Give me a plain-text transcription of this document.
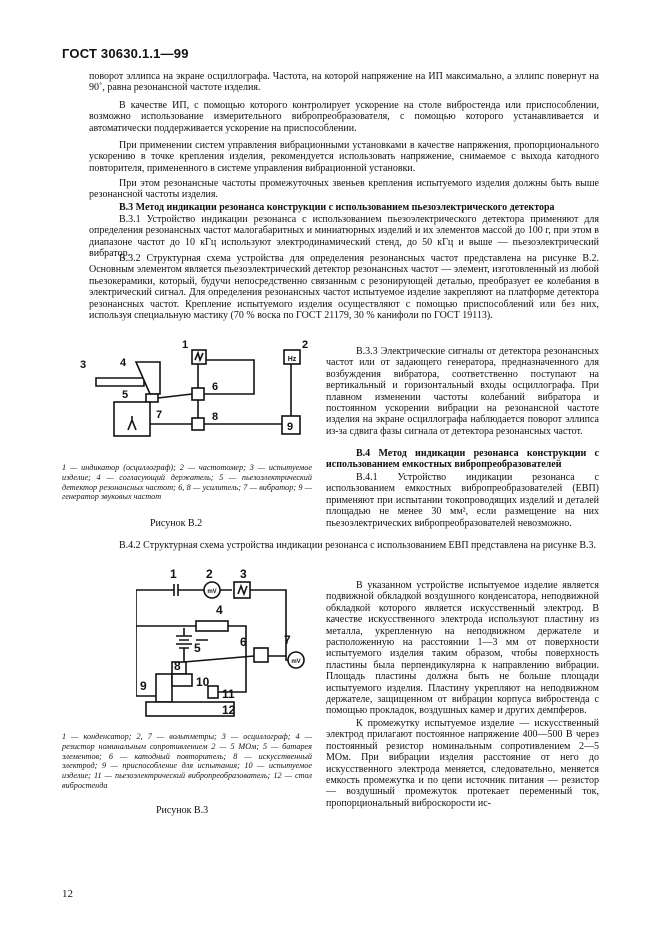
ГОСТ 30630.1.1—99

поворот эллипса на экране осциллографа. Частота, на которой напряжение на ИП максимально, а эллипс повернут на 90˚, равна резонансной частоте изделия.

В качестве ИП, с помощью которого контролирует ускорение на столе вибростенда или приспособлении, возможно использование измерительного вибропреобразователя, с помощью которого устанавливается и автоматически поддерживается ускорение на приспособлении.

При применении систем управления вибрационными установками в качестве напряжения, пропорционального ускорению в точке крепления изделия, рекомендуется использовать напряжение, снимаемое с выхода катодного повторителя, примененного в системе управления вибрационной установки.

При этом резонансные частоты промежуточных звеньев крепления испытуемого изделия должны быть выше резонансной частоты изделия.

В.3 Метод индикации резонанса конструкции с использованием пьезоэлектрического детектора

В.3.1 Устройство индикации резонанса с использованием пьезоэлектрического детектора применяют для определения резонансных частот малогабаритных и миниатюрных изделий и их элементов массой до 100 г, при этом в диапазоне частот до 10 кГц используют электродинамический стенд, до 50 кГц и выше — пьезоэлектрический вибратор.

В.3.2 Структурная схема устройства для определения резонансных частот представлена на рисунке В.2. Основным элементом является пьезоэлектрический детектор резонансных частот — элемент, изготовленный из любой пьезокерамики, который, будучи непосредственно связанным с резонирующей деталью, преобразует ее колебания в электрический сигнал. Для определения резонансных частот испытуемое изделие закрепляют на платформе детектора резонансных частот. Крепление испытуемого изделия осуществляют с помощью приспособлений или без них, используя специальную мастику (70 % воска по ГОСТ 21179, 30 % канифоли по ГОСТ 19113).

Hz
3	4
5
1	2
6
7	8
9

1 — индикатор (осциллограф); 2 — частотомер; 3 — испытуемое изделие; 4 — согласующий держатель; 5 — пьезоэлектрический детектор резонансных частот; 6, 8 — усилитель; 7 — вибратор; 9 — генератор звуковых частот

Рисунок В.2

В.3.3 Электрические сигналы от детектора резонансных частот или от задающего генератора, предназначенного для возбуждения вибратора, соответственно поступают на вертикальный и горизонтальный входы осциллографа. При плавном изменении частоты колебаний вибратора и постоянном ускорении вибрации на резонансной частоте изделия на экране осциллографа наблюдается поворот эллипса из-за сдвига фазы сигнала от детектора резонансных частот.

В.4 Метод индикации резонанса конструкции с использованием емкостных вибропреобразователей

В.4.1 Устройство индикации резонанса с использованием емкостных вибропреобразователей (ЕВП) применяют при испытании токопроводящих изделий и деталей площадью не менее 30 мм², если размещение на них пьезоэлектрических вибропреобразователей невозможно.

В.4.2 Структурная схема устройства индикации резонанса с использованием ЕВП представлена на рисунке В.3.

mV
mV
1 2 3
4
5	6	7
8
9	10
11
12

1 — конденсатор; 2, 7 — вольтметры; 3 — осциллограф; 4 — резистор номинальным сопротивлением 2 — 5 МОм; 5 — батарея элементов; 6 — катодный повторитель; 8 — искусственный электрод; 9 — приспособление для испытания; 10 — испытуемое изделие; 11 — пьезоэлектрический вибропреобразователь; 12 — стол вибростенда

Рисунок В.3

В указанном устройстве испытуемое изделие является подвижной обкладкой воздушного конденсатора, неподвижной обкладкой которого является искусственный электрод. В качестве искусственного электрода используют пластину из металла, укрепленную на неподвижном держателе и расположенную на расстоянии 1—3 мм от поверхности испытуемого изделия таким образом, чтобы поверхность пластины была перпендикулярна к направлению вибрации. Площадь пластины должна быть не больше площади испытуемого изделия. Пластину укрепляют на неподвижном держателе, защищенном от вибрации корпуса вибростенда с помощью прокладок, воздушных камер и других демпферов.

К промежутку испытуемое изделие — искусственный электрод прилагают постоянное напряжение 400—500 В через постоянный резистор номинальным сопротивлением 2—5 МОм. При вибрации изделия расстояние от него до искусственного электрода меняется, следовательно, меняется емкость промежутка и по цепи источник питания — резистор — воздушный промежуток протекает переменный ток, пропорциональный виброскорости ис-

12
